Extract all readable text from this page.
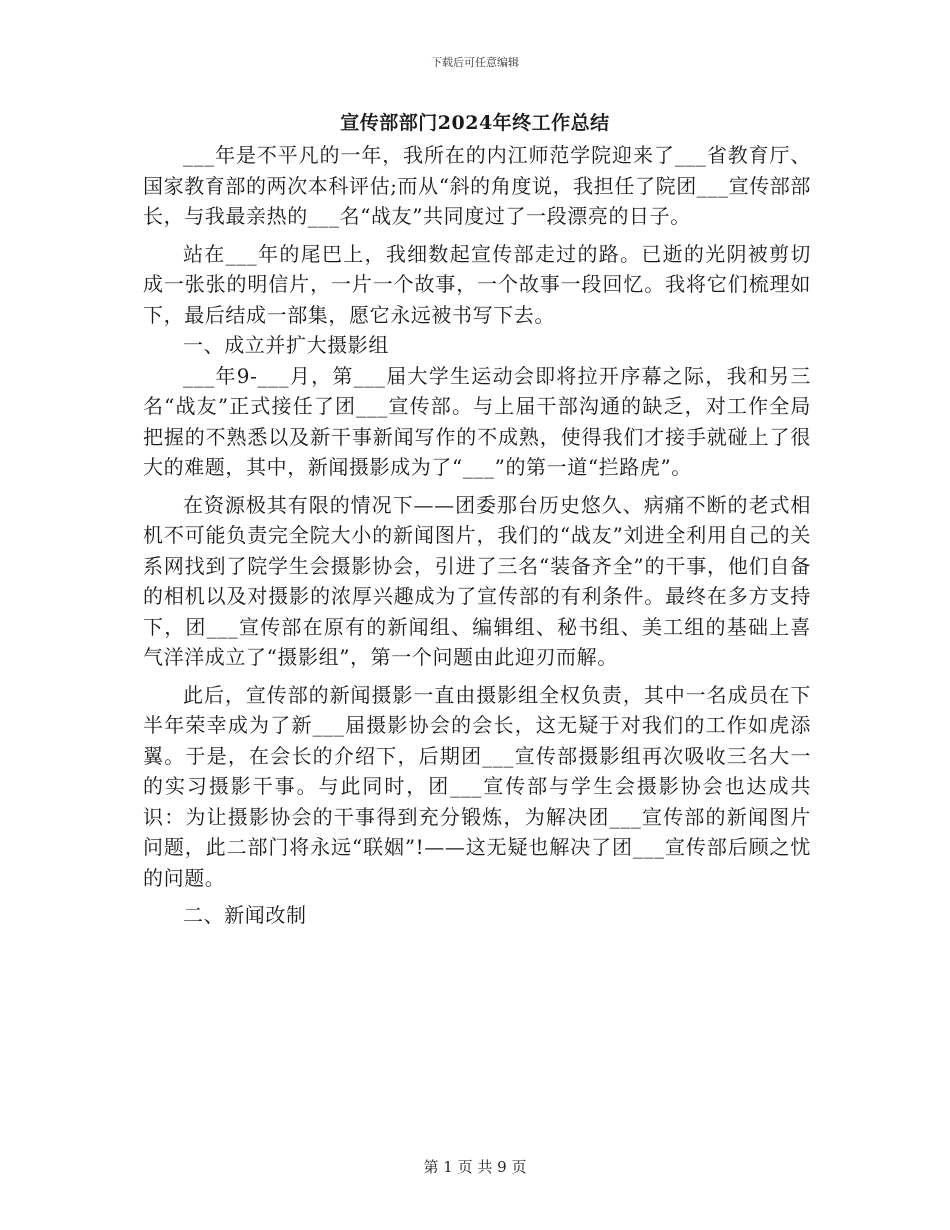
下载后可任意编辑
宣传部部门2024年终工作总结

___年是不平凡的一年，我所在的内江师范学院迎来了___省教育厅、国家教育部的两次本科评估;而从“斜的角度说，我担任了院团___宣传部部长，与我最亲热的___名“战友”共同度过了一段漂亮的日子。

站在___年的尾巴上，我细数起宣传部走过的路。已逝的光阴被剪切成一张张的明信片，一片一个故事，一个故事一段回忆。我将它们梳理如下，最后结成一部集，愿它永远被书写下去。

一、成立并扩大摄影组

___年9-___月，第___届大学生运动会即将拉开序幕之际，我和另三名“战友”正式接任了团___宣传部。与上届干部沟通的缺乏，对工作全局把握的不熟悉以及新干事新闻写作的不成熟，使得我们才接手就碰上了很大的难题，其中，新闻摄影成为了“___”的第一道“拦路虎”。

在资源极其有限的情况下——团委那台历史悠久、病痛不断的老式相机不可能负责完全院大小的新闻图片，我们的“战友”刘进全利用自己的关系网找到了院学生会摄影协会，引进了三名“装备齐全”的干事，他们自备的相机以及对摄影的浓厚兴趣成为了宣传部的有利条件。最终在多方支持下，团___宣传部在原有的新闻组、编辑组、秘书组、美工组的基础上喜气洋洋成立了“摄影组”，第一个问题由此迎刃而解。

此后，宣传部的新闻摄影一直由摄影组全权负责，其中一名成员在下半年荣幸成为了新___届摄影协会的会长，这无疑于对我们的工作如虎添翼。于是，在会长的介绍下，后期团___宣传部摄影组再次吸收三名大一的实习摄影干事。与此同时，团___宣传部与学生会摄影协会也达成共识：为让摄影协会的干事得到充分锻炼，为解决团___宣传部的新闻图片问题，此二部门将永远“联姻”!——这无疑也解决了团___宣传部后顾之忧的问题。

二、新闻改制

第 1 页 共 9 页
